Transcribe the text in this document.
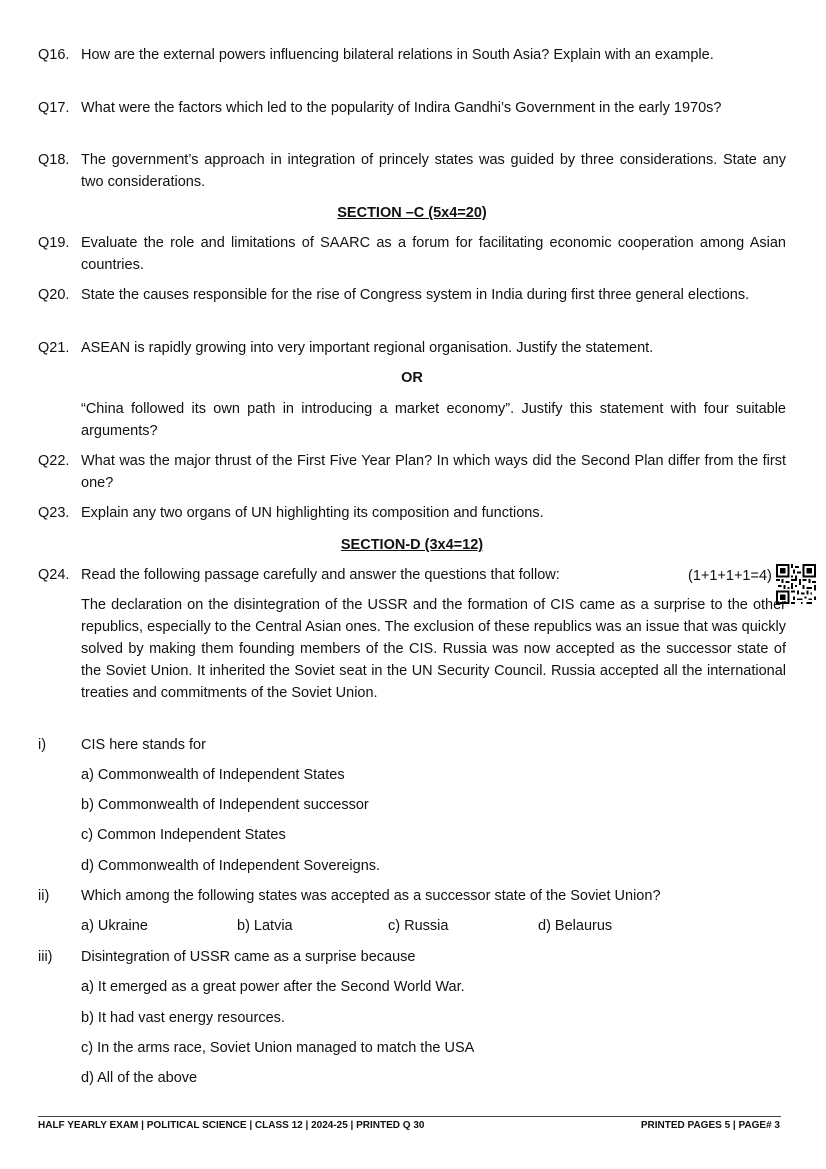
Q16. How are the external powers influencing bilateral relations in South Asia? Explain with an example.
Q17. What were the factors which led to the popularity of Indira Gandhi’s Government in the early 1970s?
Q18. The government’s approach in integration of princely states was guided by three considerations. State any two considerations.
SECTION –C (5x4=20)
Q19. Evaluate the role and limitations of SAARC as a forum for facilitating economic cooperation among Asian countries.
Q20. State the causes responsible for the rise of Congress system in India during first three general elections.
Q21. ASEAN is rapidly growing into very important regional organisation. Justify the statement.
OR
“China followed its own path in introducing a market economy”. Justify this statement with four suitable arguments?
Q22. What was the major thrust of the First Five Year Plan? In which ways did the Second Plan differ from the first one?
Q23. Explain any two organs of UN highlighting its composition and functions.
SECTION-D (3x4=12)
Q24. Read the following passage carefully and answer the questions that follow:	(1+1+1+1=4)
The declaration on the disintegration of the USSR and the formation of CIS came as a surprise to the other republics, especially to the Central Asian ones. The exclusion of these republics was an issue that was quickly solved by making them founding members of the CIS. Russia was now accepted as the successor state of the Soviet Union. It inherited the Soviet seat in the UN Security Council. Russia accepted all the international treaties and commitments of the Soviet Union.
i) CIS here stands for
a) Commonwealth of Independent States
b) Commonwealth of Independent successor
c) Common Independent States
d) Commonwealth of Independent Sovereigns.
ii) Which among the following states was accepted as a successor state of the Soviet Union?
a) Ukraine	b) Latvia	c) Russia	d) Belaurus
iii) Disintegration of USSR came as a surprise because
a) It emerged as a great power after the Second World War.
b) It had vast energy resources.
c) In the arms race, Soviet Union managed to match the USA
d) All of the above
HALF YEARLY EXAM | POLITICAL SCIENCE | CLASS 12 | 2024-25 | PRINTED Q 30	PRINTED PAGES 5 | PAGE# 3
